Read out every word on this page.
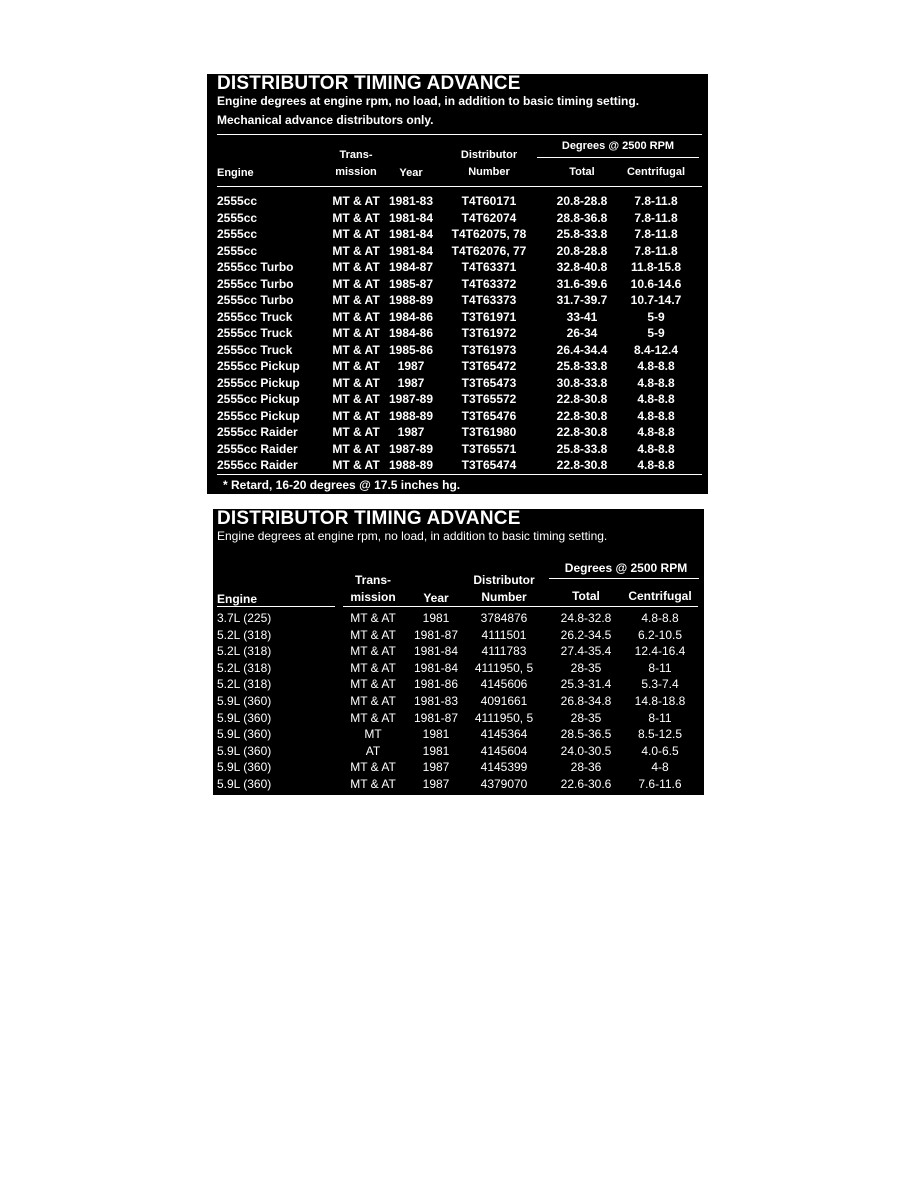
DISTRIBUTOR TIMING ADVANCE
Engine degrees at engine rpm, no load, in addition to basic timing setting.
Mechanical advance distributors only.
Degrees @ 2500 RPM
Trans-
mission
Distributor
Number
Engine	Year	Total	Centrifugal
2555cc	MT & AT 1981-83	T4T60171	20.8-28.8	7.8-11.8
2555cc	MT & AT 1981-84	T4T62074	28.8-36.8	7.8-11.8
2555cc	MT & AT 1981-84	T4T62075, 78	25.8-33.8	7.8-11.8
2555cc	MT & AT 1981-84	T4T62076, 77	20.8-28.8	7.8-11.8
2555cc Turbo	MT & AT 1984-87	T4T63371	32.8-40.8	11.8-15.8
2555cc Turbo	MT & AT 1985-87	T4T63372	31.6-39.6	10.6-14.6
2555cc Turbo	MT & AT 1988-89	T4T63373	31.7-39.7	10.7-14.7
2555cc Truck	MT & AT 1984-86	T3T61971	33-41	5-9
2555cc Truck	MT & AT 1984-86	T3T61972	26-34	5-9
2555cc Truck	MT & AT 1985-86	T3T61973	26.4-34.4	8.4-12.4
2555cc Pickup	MT & AT	1987	T3T65472	25.8-33.8	4.8-8.8
2555cc Pickup	MT & AT	1987	T3T65473	30.8-33.8	4.8-8.8
2555cc Pickup	MT & AT 1987-89	T3T65572	22.8-30.8	4.8-8.8
2555cc Pickup	MT & AT 1988-89	T3T65476	22.8-30.8	4.8-8.8
2555cc Raider	MT & AT	1987	T3T61980	22.8-30.8	4.8-8.8
2555cc Raider	MT & AT 1987-89	T3T65571	25.8-33.8	4.8-8.8
2555cc Raider	MT & AT 1988-89	T3T65474	22.8-30.8	4.8-8.8
* Retard, 16-20 degrees @ 17.5 inches hg.
DISTRIBUTOR TIMING ADVANCE
Engine degrees at engine rpm, no load, in addition to basic timing setting.
Degrees @ 2500 RPM
Trans-
mission
Distributor
Number
Engine	Year	Total	Centrifugal
3.7L (225)	MT & AT	1981	3784876	24.8-32.8	4.8-8.8
5.2L (318)	MT & AT	1981-87	4111501	26.2-34.5	6.2-10.5
5.2L (318)	MT & AT	1981-84	4111783	27.4-35.4	12.4-16.4
5.2L (318)	MT & AT	1981-84	4111950, 5	28-35	8-11
5.2L (318)	MT & AT	1981-86	4145606	25.3-31.4	5.3-7.4
5.9L (360)	MT & AT	1981-83	4091661	26.8-34.8	14.8-18.8
5.9L (360)	MT & AT	1981-87	4111950, 5	28-35	8-11
5.9L (360)	MT	1981	4145364	28.5-36.5	8.5-12.5
5.9L (360)	AT	1981	4145604	24.0-30.5	4.0-6.5
5.9L (360)	MT & AT	1987	4145399	28-36	4-8
5.9L (360)	MT & AT	1987	4379070	22.6-30.6	7.6-11.6
